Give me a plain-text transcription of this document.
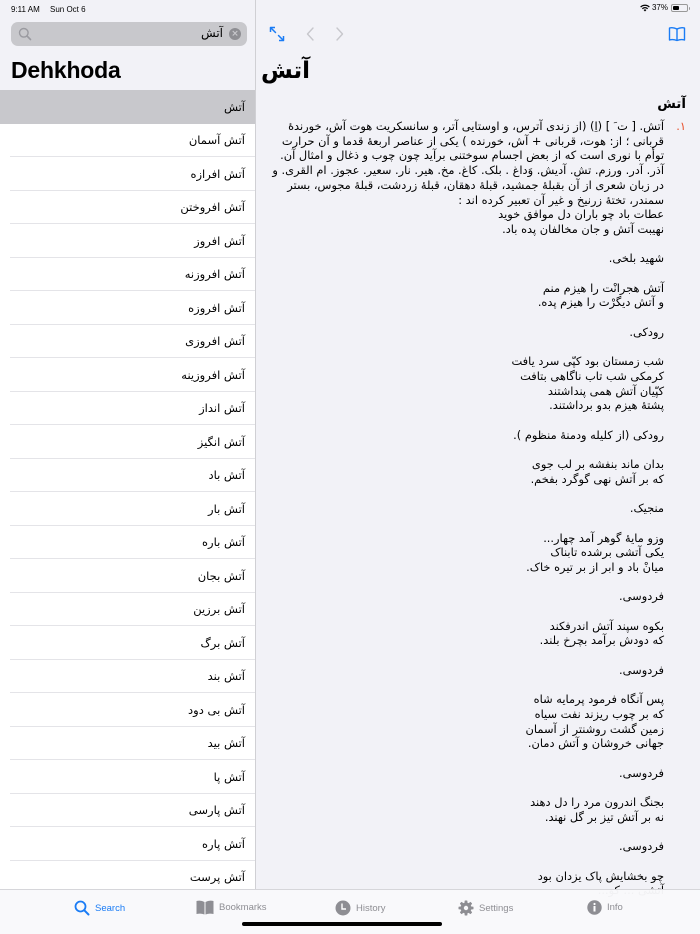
9:11 AM Sun Oct 6	37%
آتش ×
Dehkhoda
آتش
آتش آسمان
آتش افرازه
آتش افروختن
آتش افروز
آتش افروزنه
آتش افروزه
آتش افروزی
آتش افروزینه
آتش انداز
آتش انگیز
آتش باد
آتش بار
آتش باره
آتش بجان
آتش برزین
آتش برگ
آتش بند
آتش بی دود
آتش بید
آتش پا
آتش پارسی
آتش پاره
آتش پرست
آتش
آتش
۱.

آتش. [ ت َ ] (اِ) (از زندی آترس، و اوستایی آتر، و سانسکریت هوت آش، خورندهٔ

قربانی ؛ از: هوت، قربانی + آش، خورنده ) یکی از عناصر اربعهٔ قدما و آن حرارت

توأم با نوری است که از بعض اجسام سوختنی برآید چون چوب و ذغال و امثال آن.

آذر. آدر. ورزم. تش. آدیش. وَداغ . بلک. کاغ. مخ. هیر. نار. سعیر. عجوز. ام القری. و

در زبان شعری از آن بقبلهٔ جمشید، قبلهٔ دهقان، قبلهٔ زردشت، قبلهٔ مجوس، بستر

سمندر، تختهٔ زرنیخ و غیر آن تعبیر کرده اند :

عطات باد چو باران دل موافق خوید

نهیبت آتش و جان مخالفان پده باد.

شهید بلخی.

آتش هجرانْت را هیزم منم

و آتش دیگرْت را هیزم پده.

رودکی.

شب زمستان بود کپّی سرد یافت

کرمکی شب تاب ناگاهی بتافت

کپّیان آتش همی پنداشتند

پشتهٔ هیزم بدو برداشتند.

رودکی (از کلیله ودمنهٔ منظوم ).

بدان ماند بنفشه بر لب جوی

که بر آتش نهی گوگرد بفخم.

منجیک.

وزو مایهٔ گوهر آمد چهار...

یکی آتشی برشده تابناک

میانْ باد و ابر از بر تیره خاک.

فردوسی.

بکوه سپند آتش اندرفکند

که دودش برآمد بچرخ بلند.

فردوسی.

پس آنگاه فرمود پرمایه شاه

که بر چوب ریزند نفت سیاه

زمین گشت روشنتر از آسمان

جهانی خروشان و آتش دمان.

فردوسی.

بجنگ اندرون مرد را دل دهند

نه بر آتش تیز بر گل نهند.

فردوسی.

چو بخشایش پاک یزدان بود

Search	Bookmarks	History	Settings	Info
